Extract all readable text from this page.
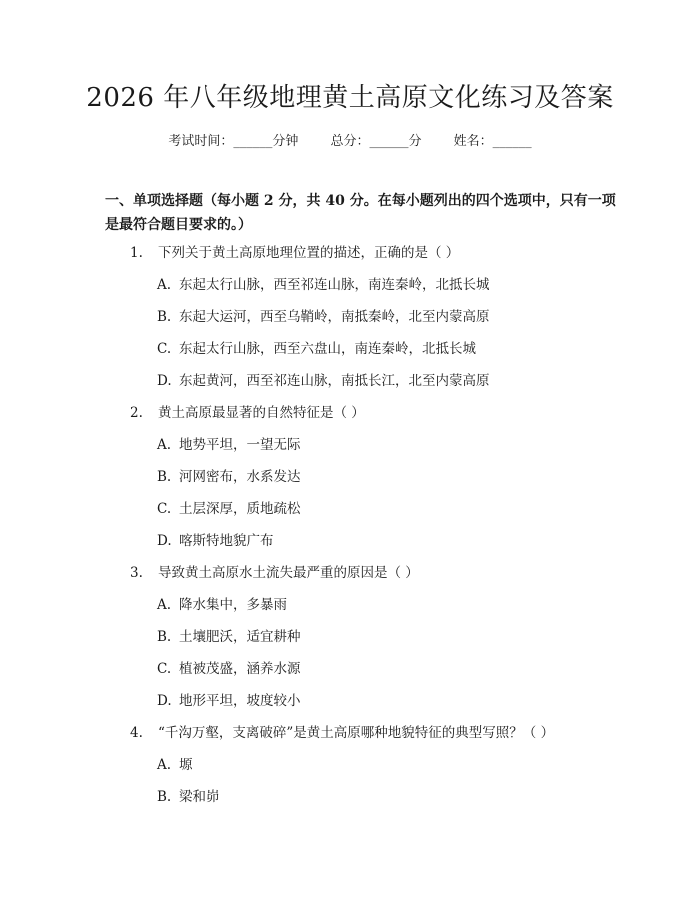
2026 年八年级地理黄土高原文化练习及答案
考试时间：______分钟 总分：______分 姓名：______
一、单项选择题（每小题 2 分，共 40 分。在每小题列出的四个选项中，只有一项
是最符合题目要求的。）
1. 下列关于黄土高原地理位置的描述，正确的是（ ）
A. 东起太行山脉，西至祁连山脉，南连秦岭，北抵长城
B. 东起大运河，西至乌鞘岭，南抵秦岭，北至内蒙高原
C. 东起太行山脉，西至六盘山，南连秦岭，北抵长城
D. 东起黄河，西至祁连山脉，南抵长江，北至内蒙高原
2. 黄土高原最显著的自然特征是（ ）
A. 地势平坦，一望无际
B. 河网密布，水系发达
C. 土层深厚，质地疏松
D. 喀斯特地貌广布
3. 导致黄土高原水土流失最严重的原因是（ ）
A. 降水集中，多暴雨
B. 土壤肥沃，适宜耕种
C. 植被茂盛，涵养水源
D. 地形平坦，坡度较小
4. “千沟万壑，支离破碎”是黄土高原哪种地貌特征的典型写照？（ ）
A. 塬
B. 梁和峁
